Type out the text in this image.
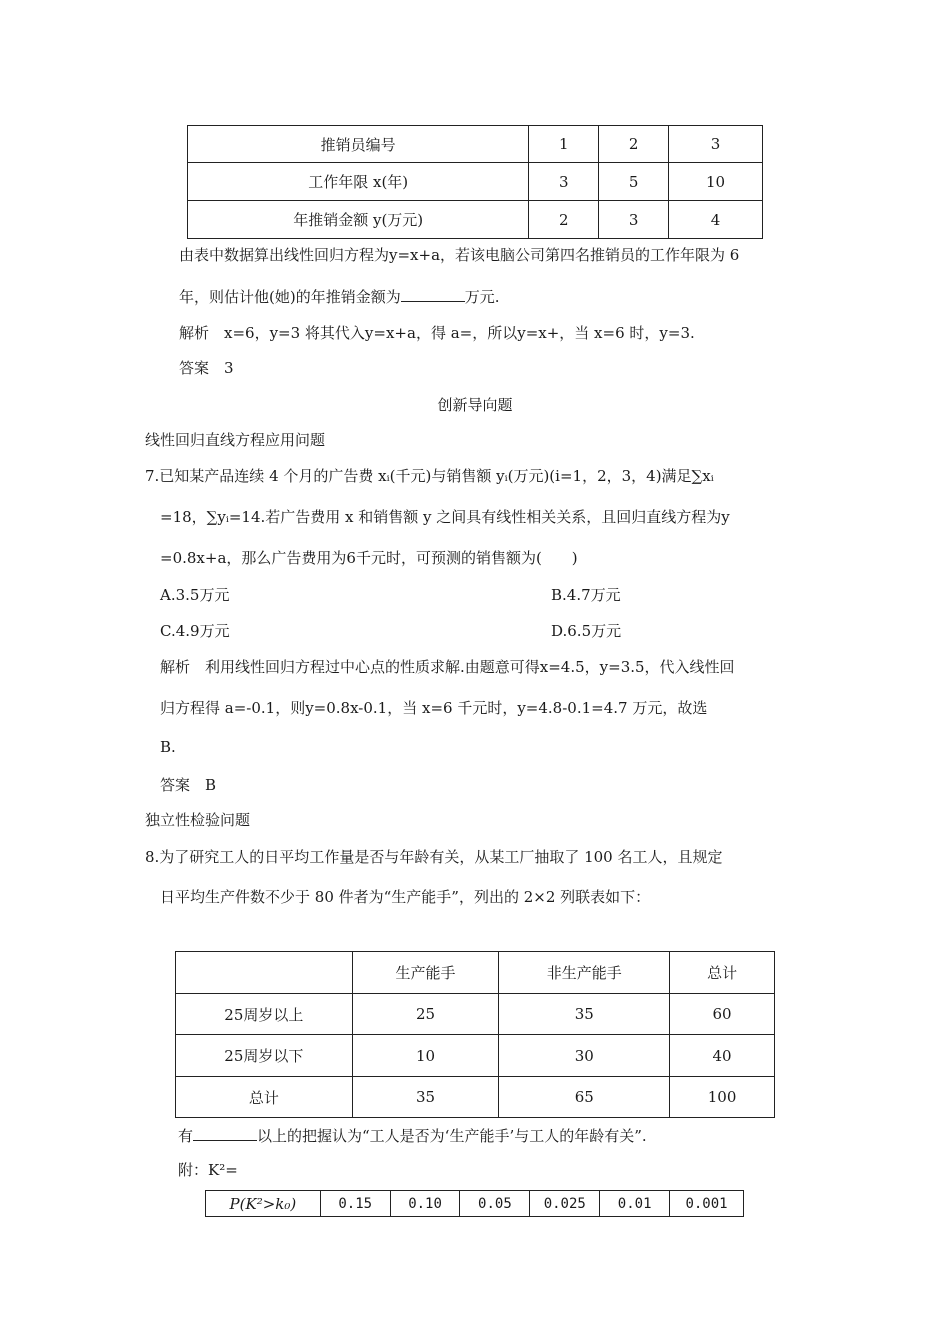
推销员编号	1	2	3
工作年限 x(年)	3	5	10
年推销金额 y(万元)	2	3	4
由表中数据算出线性回归方程为y=x+a，若该电脑公司第四名推销员的工作年限为 6
年，则估计他(她)的年推销金额为	万元.
解析　x=6，y=3 将其代入y=x+a，得 a=，所以y=x+，当 x=6 时，y=3.
答案　3
创新导向题
线性回归直线方程应用问题
7.已知某产品连续 4 个月的广告费 xᵢ(千元)与销售额 yᵢ(万元)(i=1，2，3，4)满足∑xᵢ
=18，∑yᵢ=14.若广告费用 x 和销售额 y 之间具有线性相关关系，且回归直线方程为y
=0.8x+a，那么广告费用为6千元时，可预测的销售额为(　　)
A.3.5万元	B.4.7万元
C.4.9万元	D.6.5万元
解析　利用线性回归方程过中心点的性质求解.由题意可得x=4.5，y=3.5，代入线性回
归方程得 a=-0.1，则y=0.8x-0.1，当 x=6 千元时，y=4.8-0.1=4.7 万元，故选
B.
答案　B
独立性检验问题
8.为了研究工人的日平均工作量是否与年龄有关，从某工厂抽取了 100 名工人，且规定
日平均生产件数不少于 80 件者为“生产能手”，列出的 2×2 列联表如下：
	生产能手	非生产能手	总计
25周岁以上	25	35	60
25周岁以下	10	30	40
总计	35	65	100
有	以上的把握认为“工人是否为‘生产能手’与工人的年龄有关”.
附：K²=
P(K²>k₀)	0.15	0.10	0.05	0.025	0.01	0.001
